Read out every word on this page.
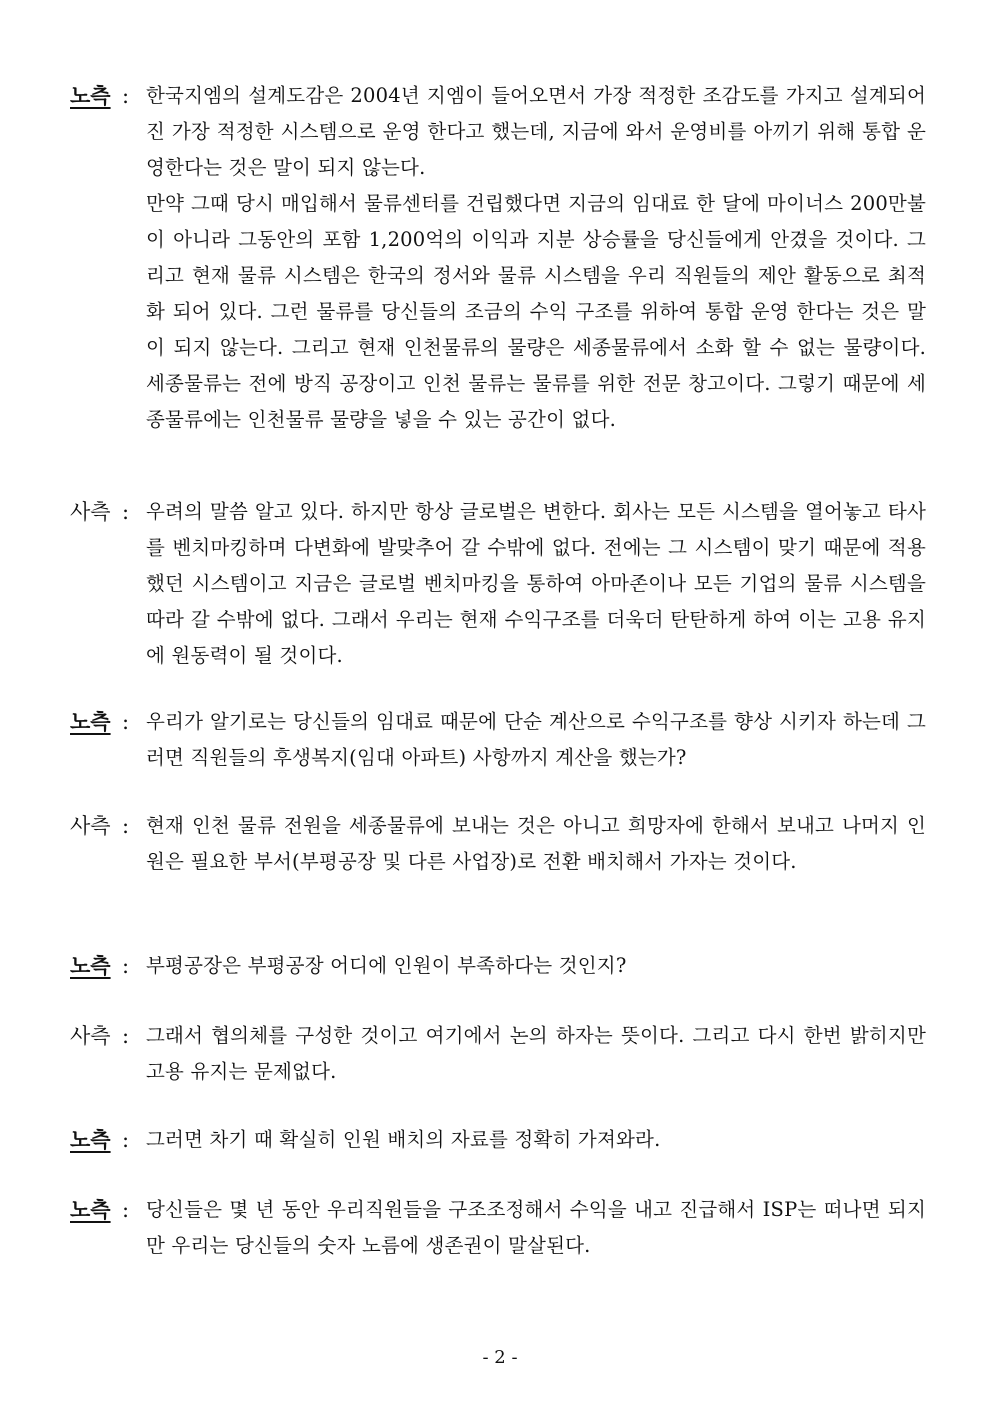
노측 : 한국지엠의 설계도감은 2004년 지엠이 들어오면서 가장 적정한 조감도를 가지고 설계되어진 가장 적정한 시스템으로 운영 한다고 했는데, 지금에 와서 운영비를 아끼기 위해 통합 운영한다는 것은 말이 되지 않는다.

만약 그때 당시 매입해서 물류센터를 건립했다면 지금의 임대료 한 달에 마이너스 200만불이 아니라 그동안의 포함 1,200억의 이익과 지분 상승률을 당신들에게 안겼을 것이다. 그리고 현재 물류 시스템은 한국의 정서와 물류 시스템을 우리 직원들의 제안 활동으로 최적화 되어 있다. 그런 물류를 당신들의 조금의 수익 구조를 위하여 통합 운영 한다는 것은 말이 되지 않는다. 그리고 현재 인천물류의 물량은 세종물류에서 소화 할 수 없는 물량이다. 세종물류는 전에 방직 공장이고 인천 물류는 물류를 위한 전문 창고이다. 그렇기 때문에 세종물류에는 인천물류 물량을 넣을 수 있는 공간이 없다.

사측 : 우려의 말씀 알고 있다. 하지만 항상 글로벌은 변한다. 회사는 모든 시스템을 열어놓고 타사를 벤치마킹하며 다변화에 발맞추어 갈 수밖에 없다. 전에는 그 시스템이 맞기 때문에 적용했던 시스템이고 지금은 글로벌 벤치마킹을 통하여 아마존이나 모든 기업의 물류 시스템을 따라 갈 수밖에 없다. 그래서 우리는 현재 수익구조를 더욱더 탄탄하게 하여 이는 고용 유지에 원동력이 될 것이다.

노측 : 우리가 알기로는 당신들의 임대료 때문에 단순 계산으로 수익구조를 향상 시키자 하는데 그러면 직원들의 후생복지(임대 아파트) 사항까지 계산을 했는가?

사측 : 현재 인천 물류 전원을 세종물류에 보내는 것은 아니고 희망자에 한해서 보내고 나머지 인원은 필요한 부서(부평공장 및 다른 사업장)로 전환 배치해서 가자는 것이다.

노측 : 부평공장은 부평공장 어디에 인원이 부족하다는 것인지?

사측 : 그래서 협의체를 구성한 것이고 여기에서 논의 하자는 뜻이다. 그리고 다시 한번 밝히지만 고용 유지는 문제없다.

노측 : 그러면 차기 때 확실히 인원 배치의 자료를 정확히 가져와라.

노측 : 당신들은 몇 년 동안 우리직원들을 구조조정해서 수익을 내고 진급해서 ISP는 떠나면 되지만 우리는 당신들의 숫자 노름에 생존권이 말살된다.

- 2 -
